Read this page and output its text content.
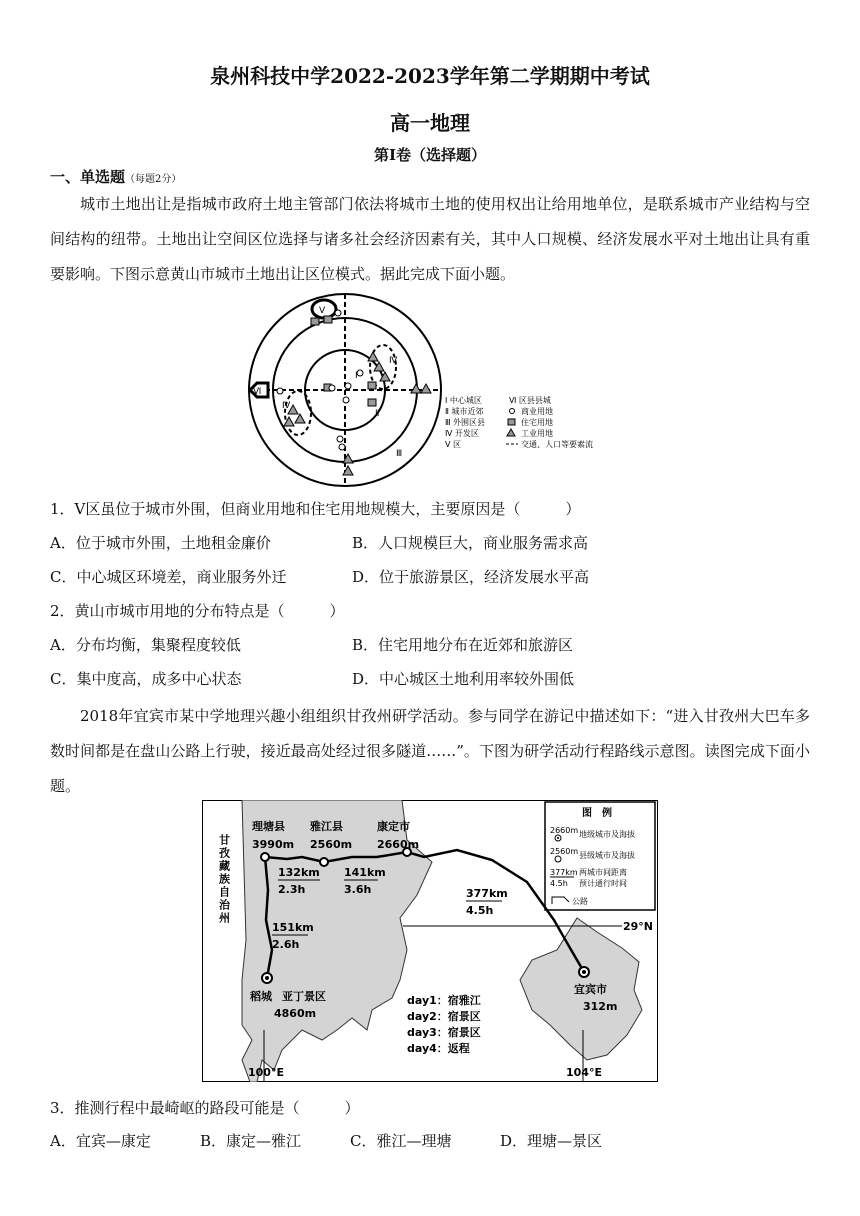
泉州科技中学2022-2023学年第二学期期中考试
高一地理
第Ⅰ卷（选择题）
一、单选题（每题2分）
城市土地出让是指城市政府土地主管部门依法将城市土地的使用权出让给用地单位，是联系城市产业结构与空间结构的纽带。土地出让空间区位选择与诸多社会经济因素有关，其中人口规模、经济发展水平对土地出让具有重要影响。下图示意黄山市城市土地出让区位模式。据此完成下面小题。
Ⅰ
Ⅱ
Ⅲ
Ⅳ
Ⅳ
Ⅴ
Ⅵ
Ⅰ 中心城区
Ⅱ 城市近郊
Ⅲ 外围区县
Ⅳ 开发区
Ⅴ 区
Ⅵ 区县县城
商业用地
住宅用地
工业用地
交通、人口等要素流
1．Ⅴ区虽位于城市外围，但商业用地和住宅用地规模大，主要原因是（　　　）
A．位于城市外围，土地租金廉价	B．人口规模巨大，商业服务需求高
C．中心城区环境差，商业服务外迁	D．位于旅游景区，经济发展水平高
2．黄山市城市用地的分布特点是（　　　）
A．分布均衡，集聚程度较低	B．住宅用地分布在近郊和旅游区
C．集中度高，成多中心状态	D．中心城区土地利用率较外围低
2018年宜宾市某中学地理兴趣小组组织甘孜州研学活动。参与同学在游记中描述如下：“进入甘孜州大巴车多数时间都是在盘山公路上行驶，接近最高处经过很多隧道……”。下图为研学活动行程路线示意图。读图完成下面小题。
甘孜藏族自治州
理塘县
3990m
雅江县
2560m
康定市
2660m
宜宾市
312m
稻城 亚丁景区
4860m
132km
2.3h
141km
3.6h	377km
4.5h
151km
2.6h
29°N
100°E	104°E
day1：宿雅江
day2：宿景区
day3：宿景区
day4：返程
图　例
2660m 地级城市及海拔
2560m 县级城市及海拔
377km
4.5h
两城市间距离
预计通行时间
公路
3．推测行程中最崎岖的路段可能是（　　　）
A．宜宾—康定	B．康定—雅江	C．雅江—理塘	D．理塘—景区
